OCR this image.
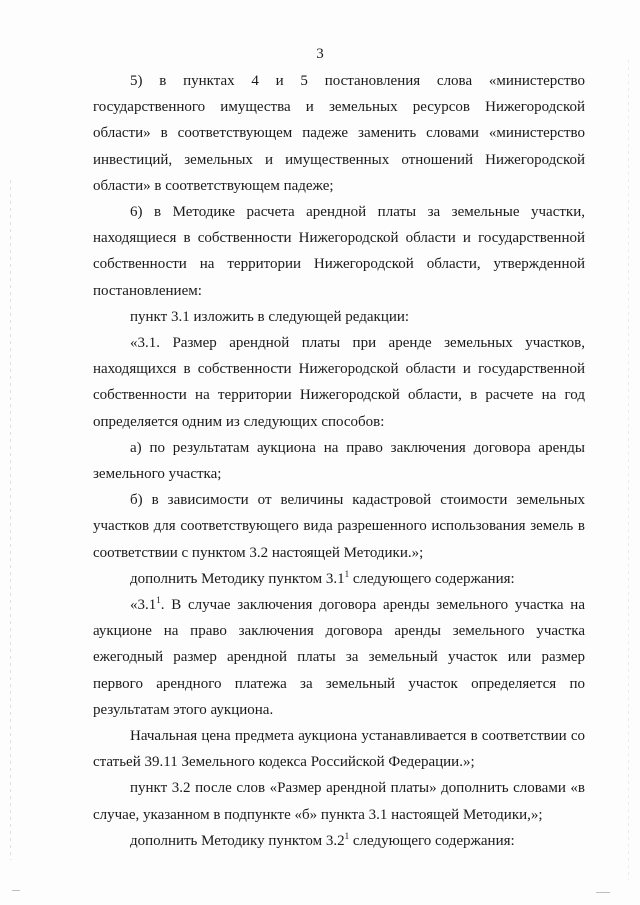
3

5) в пунктах 4 и 5 постановления слова «министерство государственного имущества и земельных ресурсов Нижегородской области» в соответствующем падеже заменить словами «министерство инвестиций, земельных и имущественных отношений Нижегородской области» в соответствующем падеже;

6) в Методике расчета арендной платы за земельные участки, находящиеся в собственности Нижегородской области и государственной собственности на территории Нижегородской области, утвержденной постановлением:

пункт 3.1 изложить в следующей редакции:

«3.1. Размер арендной платы при аренде земельных участков, находящихся в собственности Нижегородской области и государственной собственности на территории Нижегородской области, в расчете на год определяется одним из следующих способов:

а) по результатам аукциона на право заключения договора аренды земельного участка;

б) в зависимости от величины кадастровой стоимости земельных участков для соответствующего вида разрешенного использования земель в соответствии с пунктом 3.2 настоящей Методики.»;

дополнить Методику пунктом $3.1^1$ следующего содержания:

«$3.1^1$. В случае заключения договора аренды земельного участка на аукционе на право заключения договора аренды земельного участка ежегодный размер арендной платы за земельный участок или размер первого арендного платежа за земельный участок определяется по результатам этого аукциона.

Начальная цена предмета аукциона устанавливается в соответствии со статьей 39.11 Земельного кодекса Российской Федерации.»;

пункт 3.2 после слов «Размер арендной платы» дополнить словами «в случае, указанном в подпункте «б» пункта 3.1 настоящей Методики,»;

дополнить Методику пунктом $3.2^1$ следующего содержания:
